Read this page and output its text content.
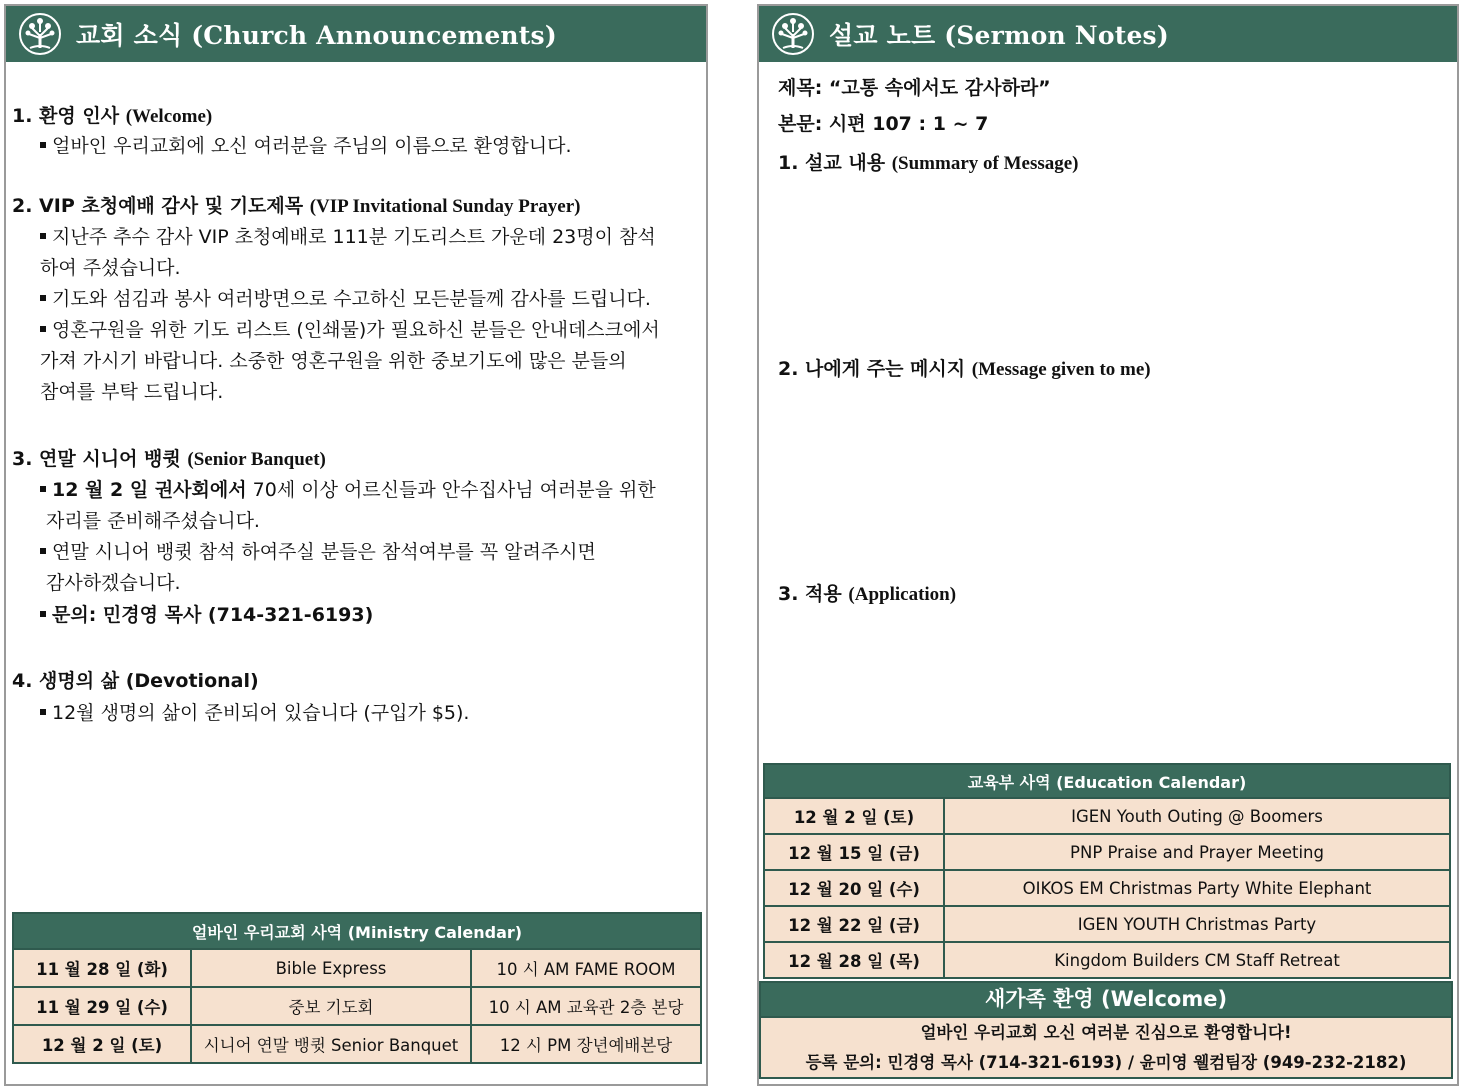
교회 소식 (Church Announcements)
1. 환영 인사 (Welcome)
얼바인 우리교회에 오신 여러분을 주님의 이름으로 환영합니다.
2. VIP 초청예배 감사 및 기도제목 (VIP Invitational Sunday Prayer)
지난주 추수 감사 VIP 초청예배로 111분 기도리스트 가운데 23명이 참석
하여 주셨습니다.
기도와 섬김과 봉사 여러방면으로 수고하신 모든분들께 감사를 드립니다.
영혼구원을 위한 기도 리스트 (인쇄물)가 필요하신 분들은 안내데스크에서
가져 가시기 바랍니다. 소중한 영혼구원을 위한 중보기도에 많은 분들의
참여를 부탁 드립니다.
3. 연말 시니어 뱅큇 (Senior Banquet)
12 월 2 일 권사회에서 70세 이상 어르신들과 안수집사님 여러분을 위한
자리를 준비해주셨습니다.
연말 시니어 뱅큇 참석 하여주실 분들은 참석여부를 꼭 알려주시면
감사하겠습니다.
문의: 민경영 목사 (714-321-6193)
4. 생명의 삶 (Devotional)
12월 생명의 삶이 준비되어 있습니다 (구입가 $5).
얼바인 우리교회 사역 (Ministry Calendar)		
11 월 28 일 (화)	Bible Express	10 시 AM FAME ROOM
11 월 29 일 (수)	중보 기도회	10 시 AM 교육관 2층 본당
12 월 2 일 (토)	시니어 연말 뱅큇 Senior Banquet	12 시 PM 장년예배본당
설교 노트 (Sermon Notes)
제목: “고통 속에서도 감사하라”
본문: 시편 107 : 1 ~ 7
1. 설교 내용 (Summary of Message)
2. 나에게 주는 메시지 (Message given to me)
3. 적용 (Application)
교육부 사역 (Education Calendar)	
12 월 2 일 (토)	IGEN Youth Outing @ Boomers
12 월 15 일 (금)	PNP Praise and Prayer Meeting
12 월 20 일 (수)	OIKOS EM Christmas Party White Elephant
12 월 22 일 (금)	IGEN YOUTH Christmas Party
12 월 28 일 (목)	Kingdom Builders CM Staff Retreat
새가족 환영 (Welcome)
얼바인 우리교회 오신 여러분 진심으로 환영합니다!
등록 문의: 민경영 목사 (714-321-6193) / 윤미영 웰컴팀장 (949-232-2182)
